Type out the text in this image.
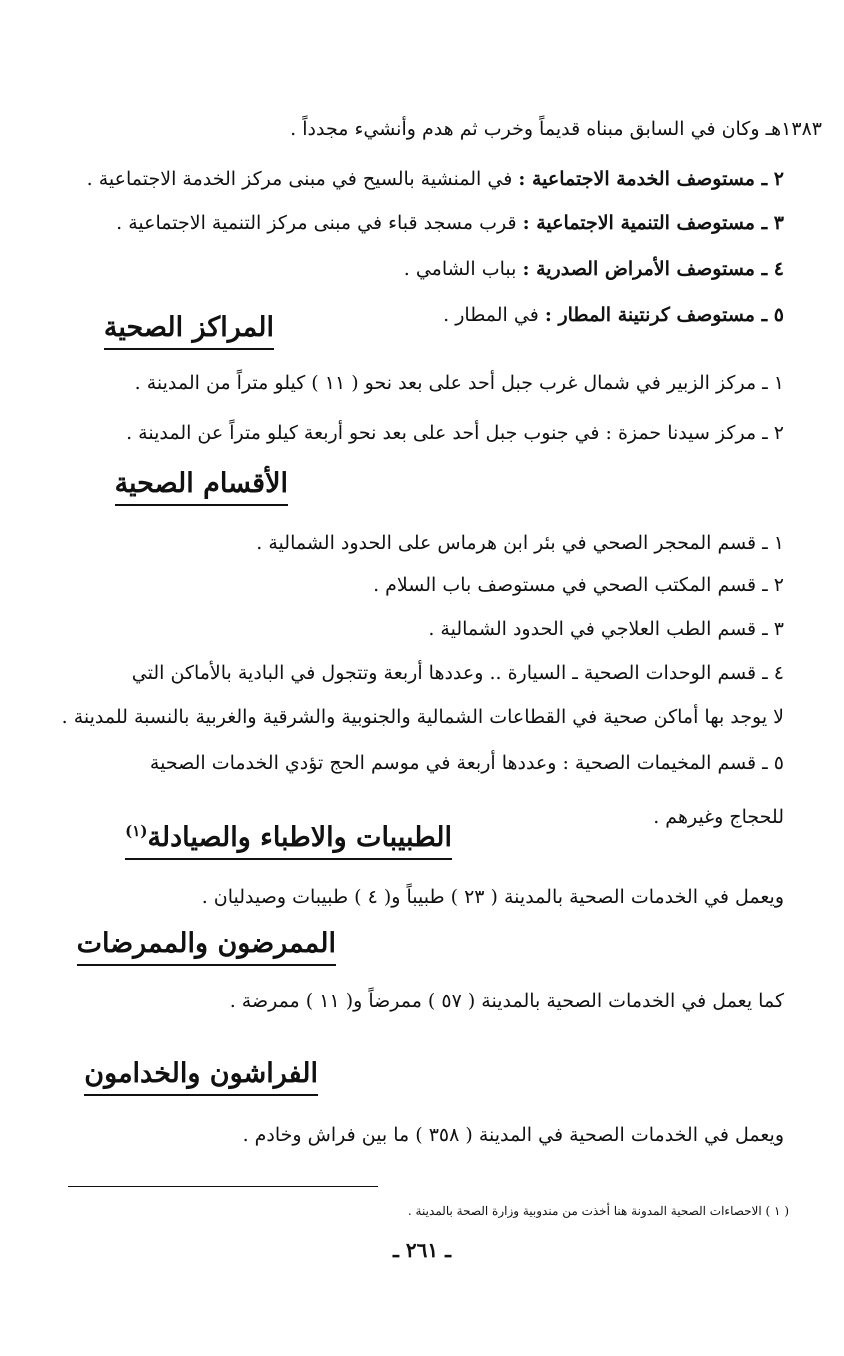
١٣٨٣هـ وكان في السابق مبناه قديماً وخرب ثم هدم وأنشيء مجدداً .
٢ ـ مستوصف الخدمة الاجتماعية : في المنشية بالسيح في مبنى مركز الخدمة الاجتماعية .
٣ ـ مستوصف التنمية الاجتماعية : قرب مسجد قباء في مبنى مركز التنمية الاجتماعية .
٤ ـ مستوصف الأمراض الصدرية : بباب الشامي .
٥ ـ مستوصف كرنتينة المطار : في المطار .
المراكز الصحية
١ ـ مركز الزبير في شمال غرب جبل أحد على بعد نحو ( ١١ ) كيلو متراً من المدينة .
٢ ـ مركز سيدنا حمزة : في جنوب جبل أحد على بعد نحو أربعة كيلو متراً عن المدينة .
الأقسام الصحية
١ ـ قسم المحجر الصحي في بئر ابن هرماس على الحدود الشمالية .
٢ ـ قسم المكتب الصحي في مستوصف باب السلام .
٣ ـ قسم الطب العلاجي في الحدود الشمالية .
٤ ـ قسم الوحدات الصحية ـ السيارة .. وعددها أربعة وتتجول في البادية بالأماكن التي
لا يوجد بها أماكن صحية في القطاعات الشمالية والجنوبية والشرقية والغربية بالنسبة للمدينة .
٥ ـ قسم المخيمات الصحية : وعددها أربعة في موسم الحج تؤدي الخدمات الصحية
للحجاج وغيرهم .
الطبيبات والاطباء والصيادلة$^{(١)}$
ويعمل في الخدمات الصحية بالمدينة ( ٢٣ ) طبيباً و( ٤ ) طبيبات وصيدليان .
الممرضون والممرضات
كما يعمل في الخدمات الصحية بالمدينة ( ٥٧ ) ممرضاً و( ١١ ) ممرضة .
الفراشون والخدامون
ويعمل في الخدمات الصحية في المدينة ( ٣٥٨ ) ما بين فراش وخادم .
( ١ ) الاحصاءات الصحية المدونة هنا أخذت من مندوبية وزارة الصحة بالمدينة .
ـ ٢٦١ ـ
